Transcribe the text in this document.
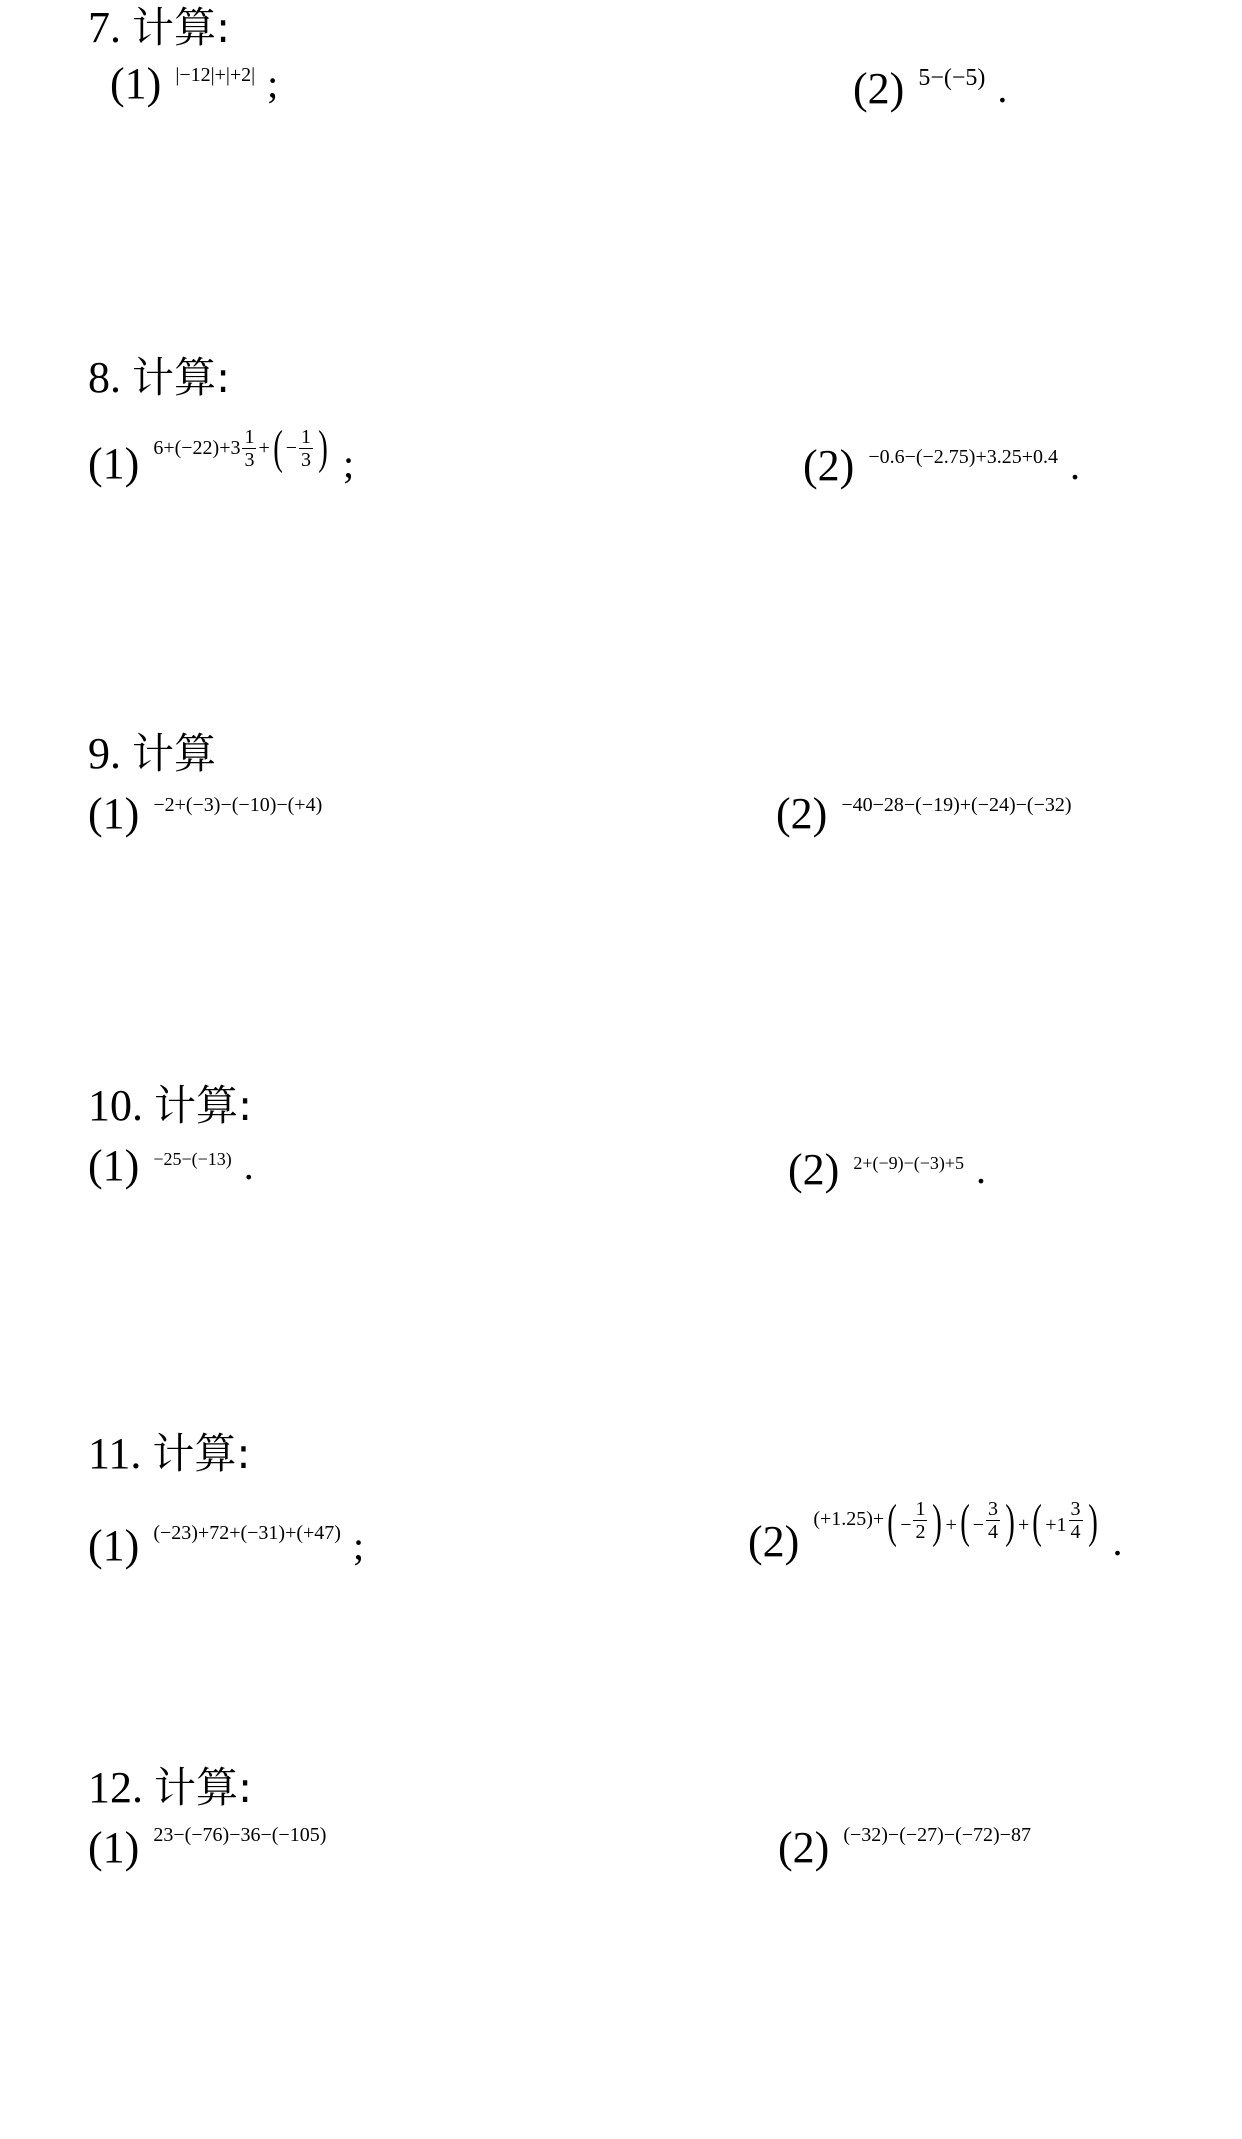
7. 计算:
(1) |−12|+|+2| ;	(2) 5−(−5) .
8. 计算:
(1) $6+(-22)+3 \frac{1}{3}$ + ( − $\frac{1}{3}$ ) ;	(2) −0.6−(−2.75)+3.25+0.4 .
9. 计算
(1) −2+(−3)−(−10)−(+4)	(2) −40−28−(−19)+(−24)−(−32)
10. 计算:
(1) −25−(−13) .	(2) 2+(−9)−(−3)+5 .
11. 计算:
(1) (−23)+72+(−31)+(+47) ;	(2) (+1.25)+ ( − $\frac{1}{2}$ ) + ( − $\frac{3}{4}$ ) + ( $+1 \frac{3}{4}$ ) .
12. 计算:
(1) 23−(−76)−36−(−105)	(2) (−32)−(−27)−(−72)−87
